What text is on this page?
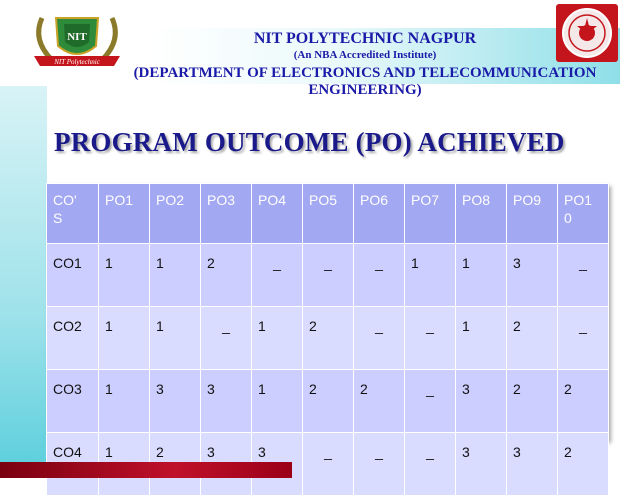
NIT
NIT Polytechnic
NIT POLYTECHNIC NAGPUR
(An NBA Accredited Institute)
(DEPARTMENT OF ELECTRONICS AND TELECOMMUNICATION
ENGINEERING)
PROGRAM OUTCOME (PO) ACHIEVED
CO'
S	PO1	PO2	PO3	PO4	PO5	PO6	PO7	PO8	PO9	PO1
0
CO1	1	1	2	_	_	_	1	1	3	_
CO2	1	1	_	1	2	_	_	1	2	_
CO3	1	3	3	1	2	2	_	3	2	2
CO4	1	2	3	3	_	_	_	3	3	2
